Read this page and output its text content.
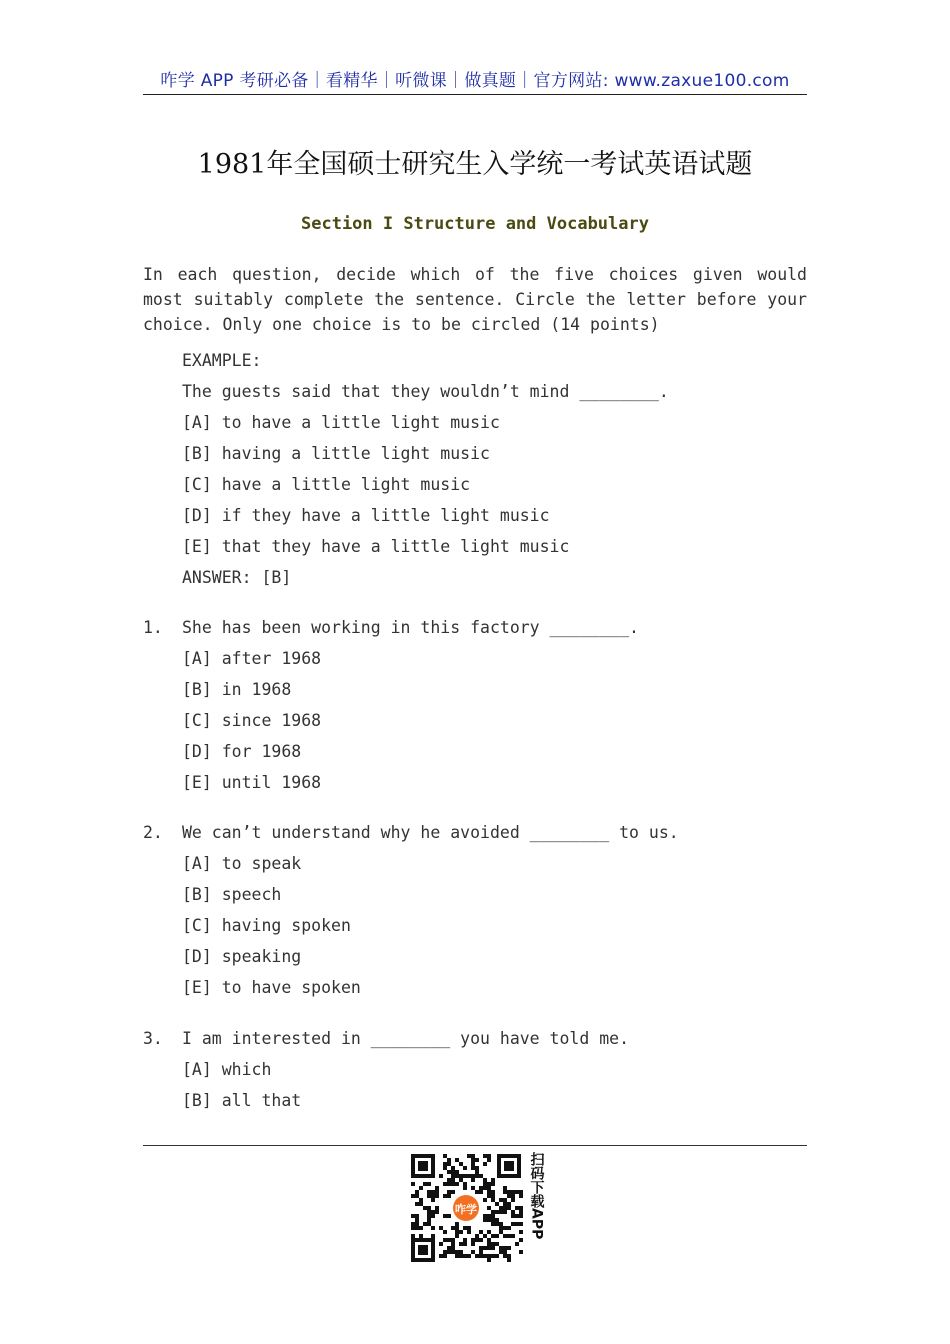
咋学 APP 考研必备｜看精华｜听微课｜做真题｜官方网站: www.zaxue100.com
1981年全国硕士研究生入学统一考试英语试题
Section I Structure and Vocabulary
In each question, decide which of the five choices given would most suitably complete the sentence. Circle the letter before your choice. Only one choice is to be circled (14 points)
EXAMPLE:
The guests said that they wouldn’t mind ________.
[A] to have a little light music
[B] having a little light music
[C] have a little light music
[D] if they have a little light music
[E] that they have a little light music
ANSWER: [B]
1. She has been working in this factory ________.
[A] after 1968
[B] in 1968
[C] since 1968
[D] for 1968
[E] until 1968
2. We can’t understand why he avoided ________ to us.
[A] to speak
[B] speech
[C] having spoken
[D] speaking
[E] to have spoken
3. I am interested in ________ you have told me.
[A] which
[B] all that
咋学	扫码下载APP
